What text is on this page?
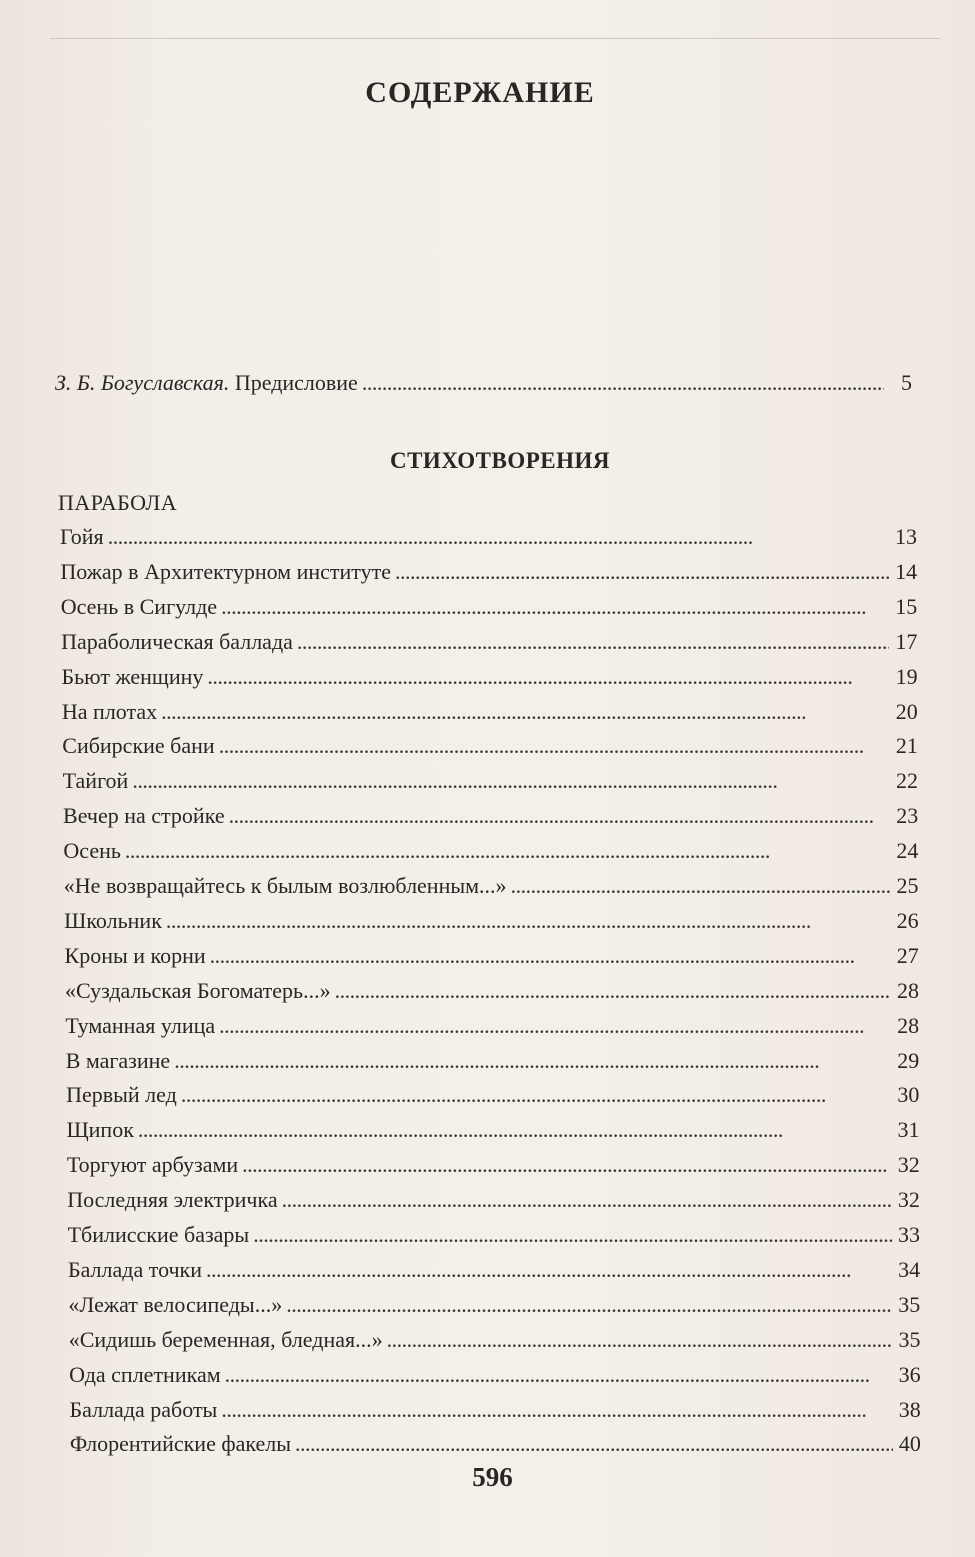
СОДЕРЖАНИЕ
З. Б. Богуславская. Предисловие . . .	5
СТИХОТВОРЕНИЯ
ПАРАБОЛА
Гойя . . .	13
Пожар в Архитектурном институте . . .	14
Осень в Сигулде . . .	15
Параболическая баллада . . .	17
Бьют женщину . . .	19
На плотах . . .	20
Сибирские бани . . .	21
Тайгой . . .	22
Вечер на стройке . . .	23
Осень . . .	24
«Не возвращайтесь к былым возлюбленным...» . . .	25
Школьник . . .	26
Кроны и корни . . .	27
«Суздальская Богоматерь...» . . .	28
Туманная улица . . .	28
В магазине . . .	29
Первый лед . . .	30
Щипок . . .	31
Торгуют арбузами . . .	32
Последняя электричка . . .	32
Тбилисские базары . . .	33
Баллада точки . . .	34
«Лежат велосипеды...» . . .	35
«Сидишь беременная, бледная...» . . .	35
Ода сплетникам . . .	36
Баллада работы . . .	38
Флорентийские факелы . . .	40
596
